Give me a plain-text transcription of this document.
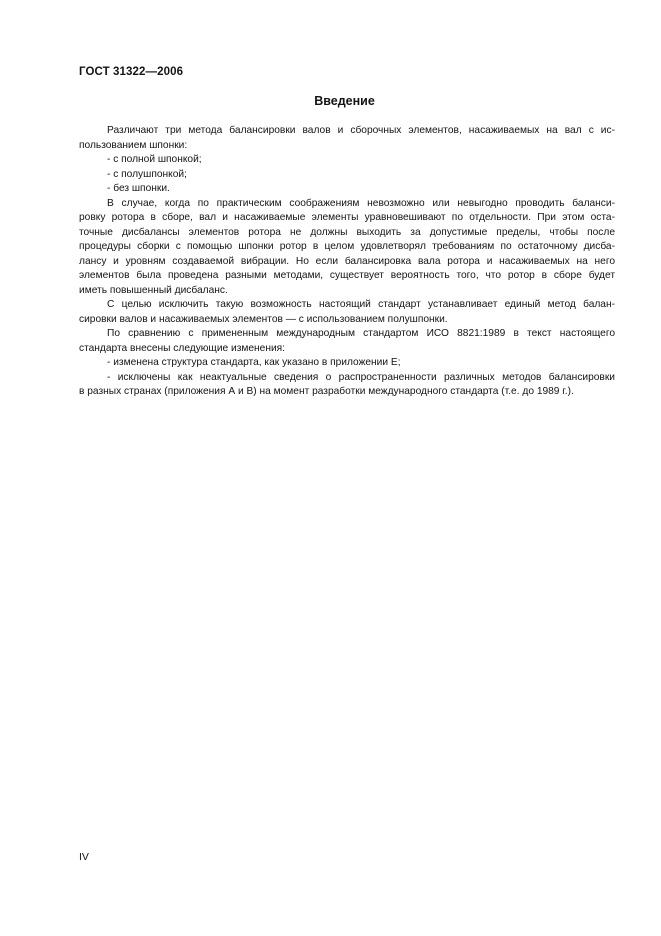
ГОСТ 31322—2006
Введение
Различают три метода балансировки валов и сборочных элементов, насаживаемых на вал с ис-
пользованием шпонки:
- с полной шпонкой;
- с полушпонкой;
- без шпонки.
В случае, когда по практическим соображениям невозможно или невыгодно проводить баланси-
ровку ротора в сборе, вал и насаживаемые элементы уравновешивают по отдельности. При этом оста-
точные дисбалансы элементов ротора не должны выходить за допустимые пределы, чтобы после
процедуры сборки с помощью шпонки ротор в целом удовлетворял требованиям по остаточному дисба-
лансу и уровням создаваемой вибрации. Но если балансировка вала ротора и насаживаемых на него
элементов была проведена разными методами, существует вероятность того, что ротор в сборе будет
иметь повышенный дисбаланс.
С целью исключить такую возможность настоящий стандарт устанавливает единый метод балан-
сировки валов и насаживаемых элементов — с использованием полушпонки.
По сравнению с примененным международным стандартом ИСО 8821:1989 в текст настоящего
стандарта внесены следующие изменения:
- изменена структура стандарта, как указано в приложении Е;
- исключены как неактуальные сведения о распространенности различных методов балансировки
в разных странах (приложения А и В) на момент разработки международного стандарта (т.е. до 1989 г.).
IV
